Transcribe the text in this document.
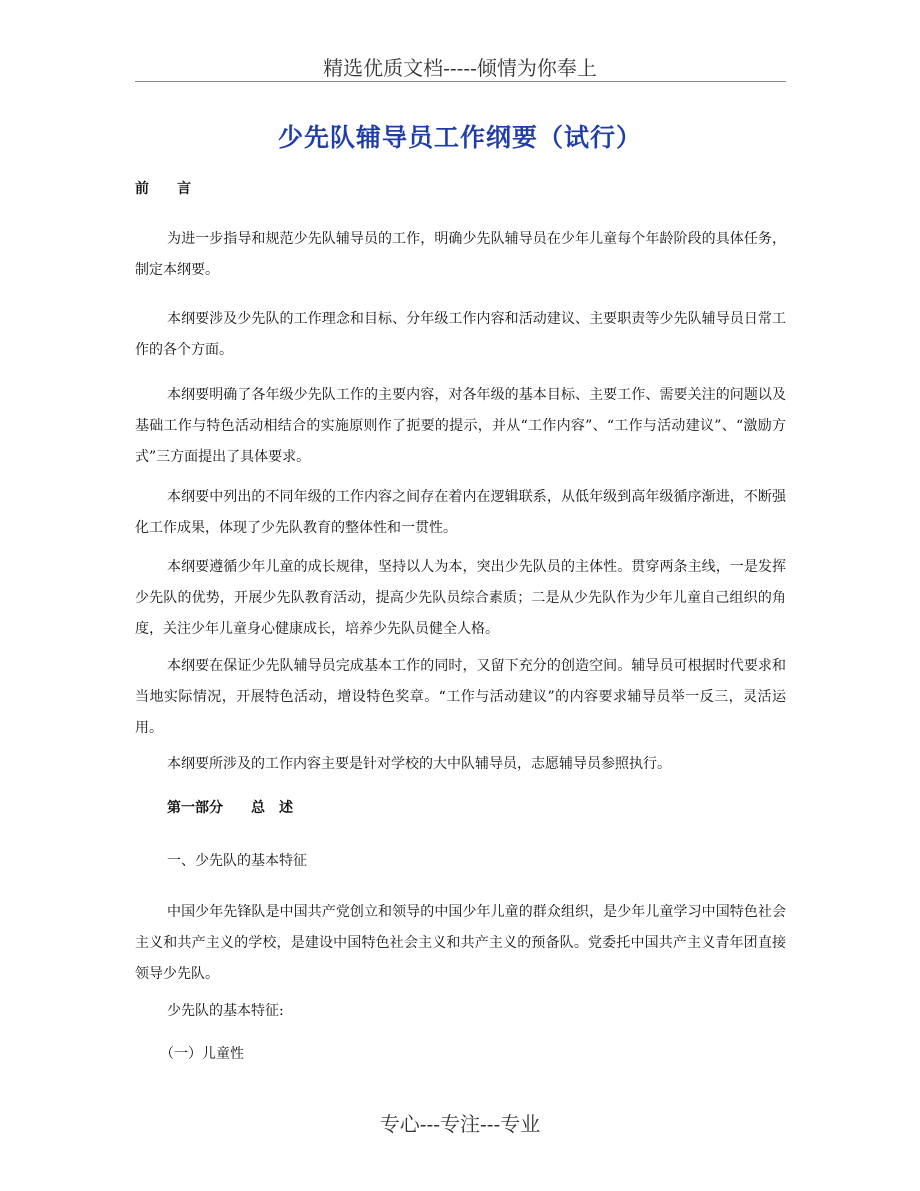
精选优质文档-----倾情为你奉上
少先队辅导员工作纲要（试行）

前　　言

为进一步指导和规范少先队辅导员的工作，明确少先队辅导员在少年儿童每个年龄阶段的具体任务，制定本纲要。

本纲要涉及少先队的工作理念和目标、分年级工作内容和活动建议、主要职责等少先队辅导员日常工作的各个方面。

本纲要明确了各年级少先队工作的主要内容，对各年级的基本目标、主要工作、需要关注的问题以及基础工作与特色活动相结合的实施原则作了扼要的提示，并从“工作内容”、“工作与活动建议”、“激励方式”三方面提出了具体要求。

本纲要中列出的不同年级的工作内容之间存在着内在逻辑联系，从低年级到高年级循序渐进，不断强化工作成果，体现了少先队教育的整体性和一贯性。

本纲要遵循少年儿童的成长规律，坚持以人为本，突出少先队员的主体性。贯穿两条主线，一是发挥少先队的优势，开展少先队教育活动，提高少先队员综合素质；二是从少先队作为少年儿童自己组织的角度，关注少年儿童身心健康成长，培养少先队员健全人格。

本纲要在保证少先队辅导员完成基本工作的同时，又留下充分的创造空间。辅导员可根据时代要求和当地实际情况，开展特色活动，增设特色奖章。“工作与活动建议”的内容要求辅导员举一反三，灵活运用。

本纲要所涉及的工作内容主要是针对学校的大中队辅导员，志愿辅导员参照执行。

第一部分　　总　述

一、少先队的基本特征

中国少年先锋队是中国共产党创立和领导的中国少年儿童的群众组织，是少年儿童学习中国特色社会主义和共产主义的学校，是建设中国特色社会主义和共产主义的预备队。党委托中国共产主义青年团直接领导少先队。

少先队的基本特征:

（一）儿童性

专心---专注---专业
